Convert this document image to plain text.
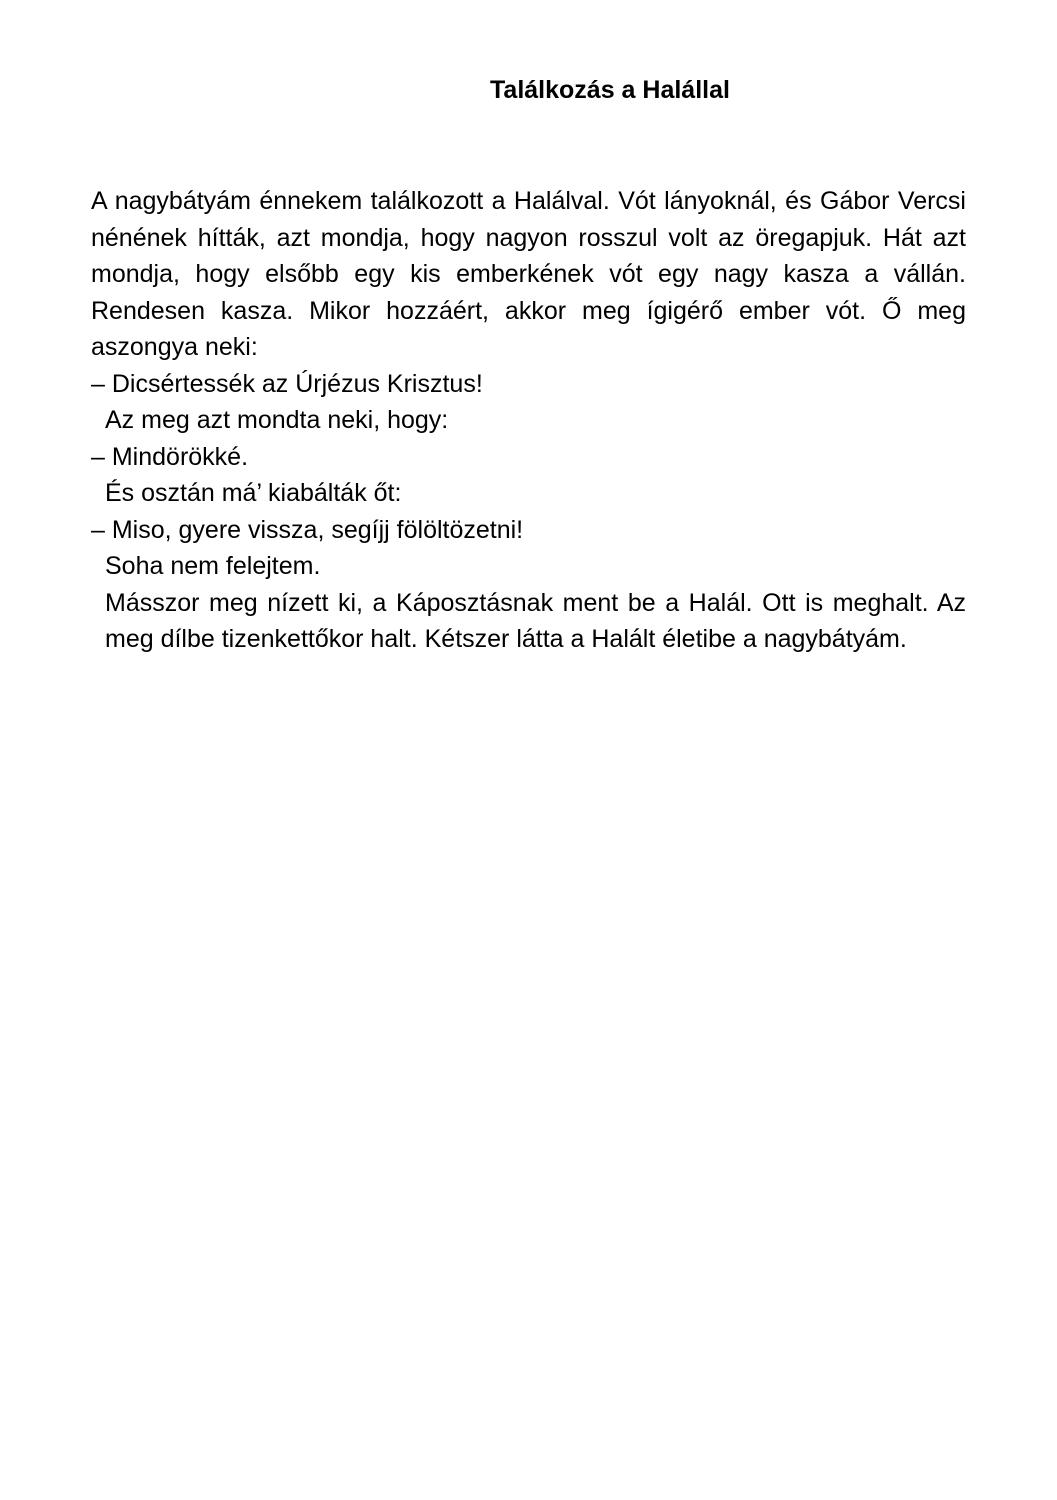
Találkozás a Halállal

A nagybátyám énnekem találkozott a Halálval. Vót lányoknál, és Gábor Vercsi nénének hítták, azt mondja, hogy nagyon rosszul volt az öregapjuk. Hát azt mondja, hogy elsőbb egy kis emberkének vót egy nagy kasza a vállán. Rendesen kasza. Mikor hozzáért, akkor meg ígigérő ember vót. Ő meg aszongya neki:

– Dicsértessék az Úrjézus Krisztus!

Az meg azt mondta neki, hogy:

– Mindörökké.

És osztán má’ kiabálták őt:

– Miso, gyere vissza, segíjj fölöltözetni!

Soha nem felejtem.

Másszor meg nízett ki, a Káposztásnak ment be a Halál. Ott is meghalt. Az meg dílbe tizenkettőkor halt. Kétszer látta a Halált életibe a nagybátyám.
